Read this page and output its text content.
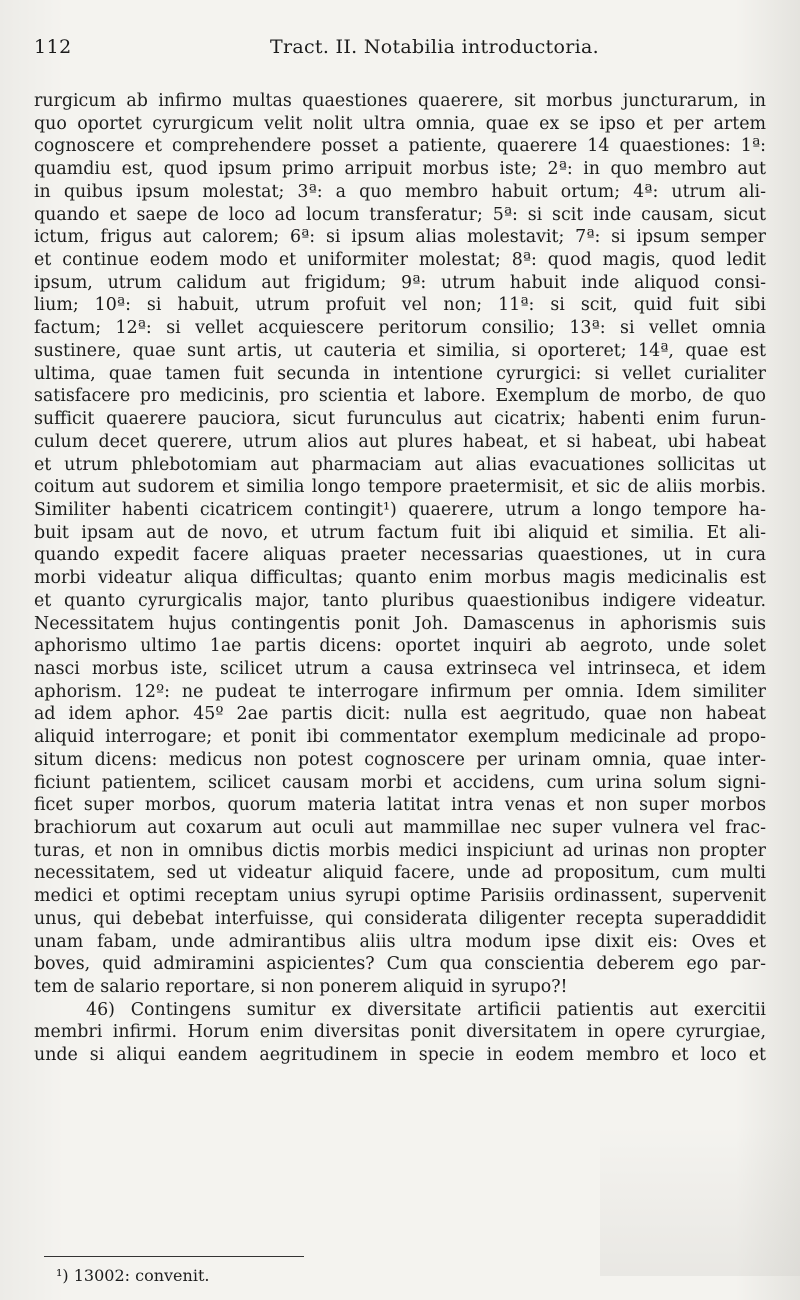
112	Tract. II. Notabilia introductoria.
rurgicum ab infirmo multas quaestiones quaerere, sit morbus juncturarum, in
quo oportet cyrurgicum velit nolit ultra omnia, quae ex se ipso et per artem
cognoscere et comprehendere posset a patiente, quaerere 14 quaestiones: 1ª:
quamdiu est, quod ipsum primo arripuit morbus iste; 2ª: in quo membro aut
in quibus ipsum molestat; 3ª: a quo membro habuit ortum; 4ª: utrum ali-
quando et saepe de loco ad locum transferatur; 5ª: si scit inde causam, sicut
ictum, frigus aut calorem; 6ª: si ipsum alias molestavit; 7ª: si ipsum semper
et continue eodem modo et uniformiter molestat; 8ª: quod magis, quod ledit
ipsum, utrum calidum aut frigidum; 9ª: utrum habuit inde aliquod consi-
lium; 10ª: si habuit, utrum profuit vel non; 11ª: si scit, quid fuit sibi
factum; 12ª: si vellet acquiescere peritorum consilio; 13ª: si vellet omnia
sustinere, quae sunt artis, ut cauteria et similia, si oporteret; 14ª, quae est
ultima, quae tamen fuit secunda in intentione cyrurgici: si vellet curialiter
satisfacere pro medicinis, pro scientia et labore. Exemplum de morbo, de quo
sufficit quaerere pauciora, sicut furunculus aut cicatrix; habenti enim furun-
culum decet querere, utrum alios aut plures habeat, et si habeat, ubi habeat
et utrum phlebotomiam aut pharmaciam aut alias evacuationes sollicitas ut
coitum aut sudorem et similia longo tempore praetermisit, et sic de aliis morbis.
Similiter habenti cicatricem contingit¹) quaerere, utrum a longo tempore ha-
buit ipsam aut de novo, et utrum factum fuit ibi aliquid et similia. Et ali-
quando expedit facere aliquas praeter necessarias quaestiones, ut in cura
morbi videatur aliqua difficultas; quanto enim morbus magis medicinalis est
et quanto cyrurgicalis major, tanto pluribus quaestionibus indigere videatur.
Necessitatem hujus contingentis ponit Joh. Damascenus in aphorismis suis
aphorismo ultimo 1ae partis dicens: oportet inquiri ab aegroto, unde solet
nasci morbus iste, scilicet utrum a causa extrinseca vel intrinseca, et idem
aphorism. 12º: ne pudeat te interrogare infirmum per omnia. Idem similiter
ad idem aphor. 45º 2ae partis dicit: nulla est aegritudo, quae non habeat
aliquid interrogare; et ponit ibi commentator exemplum medicinale ad propo-
situm dicens: medicus non potest cognoscere per urinam omnia, quae inter-
ficiunt patientem, scilicet causam morbi et accidens, cum urina solum signi-
ficet super morbos, quorum materia latitat intra venas et non super morbos
brachiorum aut coxarum aut oculi aut mammillae nec super vulnera vel frac-
turas, et non in omnibus dictis morbis medici inspiciunt ad urinas non propter
necessitatem, sed ut videatur aliquid facere, unde ad propositum, cum multi
medici et optimi receptam unius syrupi optime Parisiis ordinassent, supervenit
unus, qui debebat interfuisse, qui considerata diligenter receptа superaddidit
unam fabam, unde admirantibus aliis ultra modum ipse dixit eis: Oves et
boves, quid admiramini aspicientes? Cum qua conscientia deberem ego par-
tem de salario reportare, si non ponerem aliquid in syrupo?!
46) Contingens sumitur ex diversitate artificii patientis aut exercitii
membri infirmi. Horum enim diversitas ponit diversitatem in opere cyrurgiae,
unde si aliqui eandem aegritudinem in specie in eodem membro et loco et
¹) 13002: convenit.
